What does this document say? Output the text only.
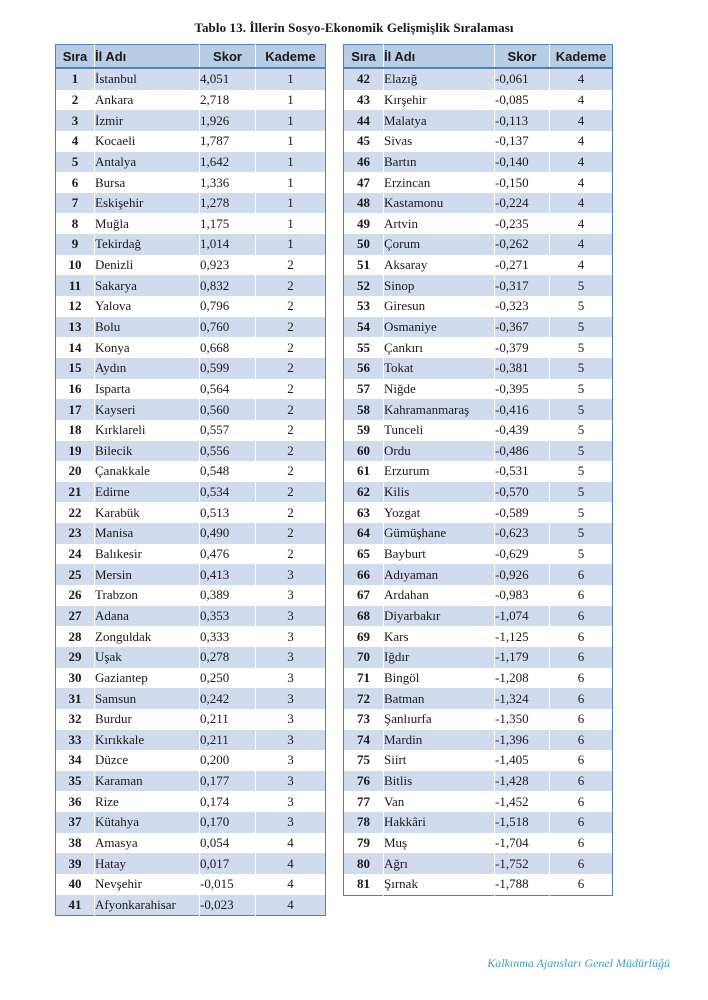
Tablo 13. İllerin Sosyo-Ekonomik Gelişmişlik Sıralaması
Sıra	İl Adı	Skor	Kademe
1	İstanbul	4,051	1
2	Ankara	2,718	1
3	İzmir	1,926	1
4	Kocaeli	1,787	1
5	Antalya	1,642	1
6	Bursa	1,336	1
7	Eskişehir	1,278	1
8	Muğla	1,175	1
9	Tekirdağ	1,014	1
10	Denizli	0,923	2
11	Sakarya	0,832	2
12	Yalova	0,796	2
13	Bolu	0,760	2
14	Konya	0,668	2
15	Aydın	0,599	2
16	Isparta	0,564	2
17	Kayseri	0,560	2
18	Kırklareli	0,557	2
19	Bilecik	0,556	2
20	Çanakkale	0,548	2
21	Edirne	0,534	2
22	Karabük	0,513	2
23	Manisa	0,490	2
24	Balıkesir	0,476	2
25	Mersin	0,413	3
26	Trabzon	0,389	3
27	Adana	0,353	3
28	Zonguldak	0,333	3
29	Uşak	0,278	3
30	Gaziantep	0,250	3
31	Samsun	0,242	3
32	Burdur	0,211	3
33	Kırıkkale	0,211	3
34	Düzce	0,200	3
35	Karaman	0,177	3
36	Rize	0,174	3
37	Kütahya	0,170	3
38	Amasya	0,054	4
39	Hatay	0,017	4
40	Nevşehir	-0,015	4
41	Afyonkarahisar	-0,023	4
Sıra	İl Adı	Skor	Kademe
42	Elazığ	-0,061	4
43	Kırşehir	-0,085	4
44	Malatya	-0,113	4
45	Sivas	-0,137	4
46	Bartın	-0,140	4
47	Erzincan	-0,150	4
48	Kastamonu	-0,224	4
49	Artvin	-0,235	4
50	Çorum	-0,262	4
51	Aksaray	-0,271	4
52	Sinop	-0,317	5
53	Giresun	-0,323	5
54	Osmaniye	-0,367	5
55	Çankırı	-0,379	5
56	Tokat	-0,381	5
57	Niğde	-0,395	5
58	Kahramanmaraş	-0,416	5
59	Tunceli	-0,439	5
60	Ordu	-0,486	5
61	Erzurum	-0,531	5
62	Kilis	-0,570	5
63	Yozgat	-0,589	5
64	Gümüşhane	-0,623	5
65	Bayburt	-0,629	5
66	Adıyaman	-0,926	6
67	Ardahan	-0,983	6
68	Diyarbakır	-1,074	6
69	Kars	-1,125	6
70	Iğdır	-1,179	6
71	Bingöl	-1,208	6
72	Batman	-1,324	6
73	Şanlıurfa	-1,350	6
74	Mardin	-1,396	6
75	Siirt	-1,405	6
76	Bitlis	-1,428	6
77	Van	-1,452	6
78	Hakkâri	-1,518	6
79	Muş	-1,704	6
80	Ağrı	-1,752	6
81	Şırnak	-1,788	6
Kalkınma Ajansları Genel Müdürlüğü
